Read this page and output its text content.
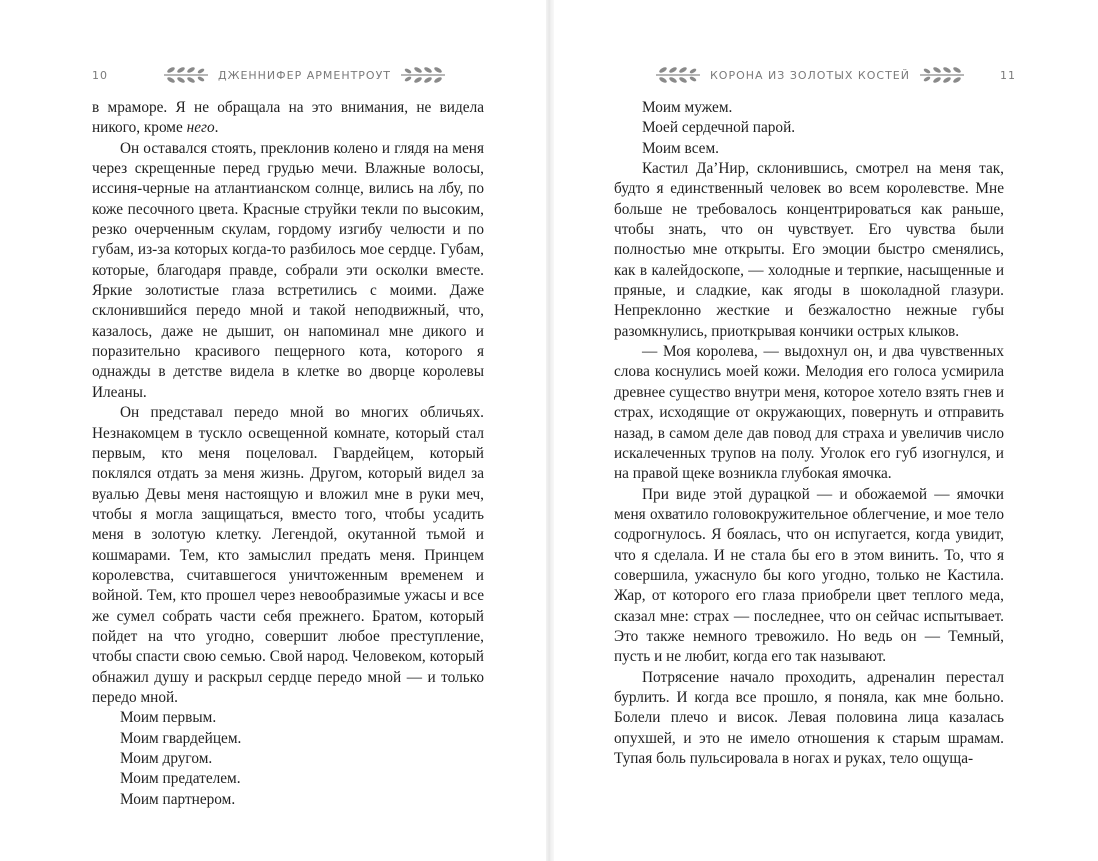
10	ДЖЕННИФЕР АРМЕНТРОУТ

в мраморе. Я не обращала на это внимания, не видела никого, кроме него.

Он оставался стоять, преклонив колено и глядя на меня через скрещенные перед грудью мечи. Влажные волосы, иссиня-черные на атлантианском солнце, вились на лбу, по коже песочного цвета. Красные струйки текли по высоким, резко очерченным скулам, гордому изгибу челюсти и по губам, из-за которых когда-то разбилось мое сердце. Губам, которые, благодаря правде, собрали эти осколки вместе. Яркие золотистые глаза встретились с моими. Даже склонившийся передо мной и такой неподвижный, что, казалось, даже не дышит, он напоминал мне дикого и поразительно красивого пещерного кота, которого я однажды в детстве видела в клетке во дворце королевы Илеаны.

Он представал передо мной во многих обличьях. Незнакомцем в тускло освещенной комнате, который стал первым, кто меня поцеловал. Гвардейцем, который поклялся отдать за меня жизнь. Другом, который видел за вуалью Девы меня настоящую и вложил мне в руки меч, чтобы я могла защищаться, вместо того, чтобы усадить меня в золотую клетку. Легендой, окутанной тьмой и кошмарами. Тем, кто замыслил предать меня. Принцем королевства, считавшегося уничтоженным временем и войной. Тем, кто прошел через невообразимые ужасы и все же сумел собрать части себя прежнего. Братом, который пойдет на что угодно, совершит любое преступление, чтобы спасти свою семью. Свой народ. Человеком, который обнажил душу и раскрыл сердце передо мной — и только передо мной.

Моим первым.

Моим гвардейцем.

Моим другом.

Моим предателем.

Моим партнером.

КОРОНА ИЗ ЗОЛОТЫХ КОСТЕЙ	11

Моим мужем.

Моей сердечной парой.

Моим всем.

Кастил Да’Нир, склонившись, смотрел на меня так, будто я единственный человек во всем королевстве. Мне больше не требовалось концентрироваться как раньше, чтобы знать, что он чувствует. Его чувства были полностью мне открыты. Его эмоции быстро сменялись, как в калейдоскопе, — холодные и терпкие, насыщенные и пряные, и сладкие, как ягоды в шоколадной глазури. Непреклонно жесткие и безжалостно нежные губы разомкнулись, приоткрывая кончики острых клыков.

— Моя королева, — выдохнул он, и два чувственных слова коснулись моей кожи. Мелодия его голоса усмирила древнее существо внутри меня, которое хотело взять гнев и страх, исходящие от окружающих, повернуть и отправить назад, в самом деле дав повод для страха и увеличив число искалеченных трупов на полу. Уголок его губ изогнулся, и на правой щеке возникла глубокая ямочка.

При виде этой дурацкой — и обожаемой — ямочки меня охватило головокружительное облегчение, и мое тело содрогнулось. Я боялась, что он испугается, когда увидит, что я сделала. И не стала бы его в этом винить. То, что я совершила, ужаснуло бы кого угодно, только не Кастила. Жар, от которого его глаза приобрели цвет теплого меда, сказал мне: страх — последнее, что он сейчас испытывает. Это также немного тревожило. Но ведь он — Темный, пусть и не любит, когда его так называют.

Потрясение начало проходить, адреналин перестал бурлить. И когда все прошло, я поняла, как мне больно. Болели плечо и висок. Левая половина лица казалась опухшей, и это не имело отношения к старым шрамам. Тупая боль пульсировала в ногах и руках, тело ощуща-
